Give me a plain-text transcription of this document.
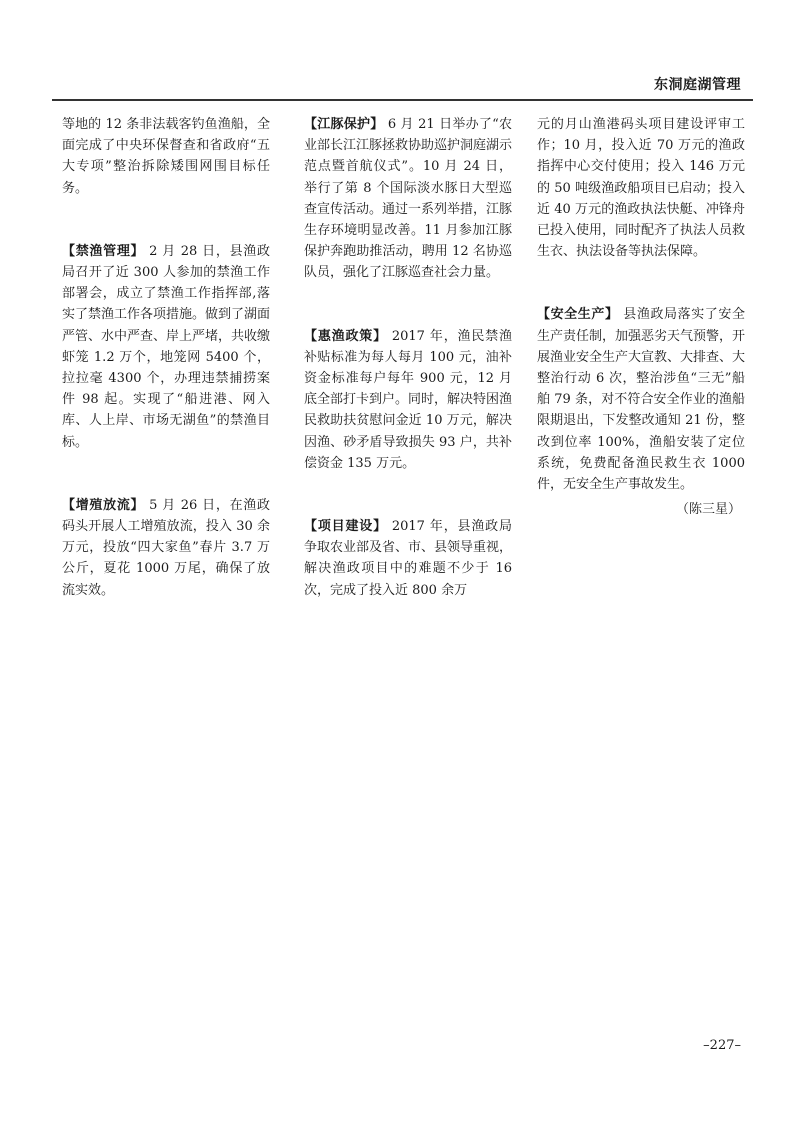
东洞庭湖管理

等地的 12 条非法载客钓鱼渔船，全面完成了中央环保督查和省政府“五大专项”整治拆除矮围网围目标任务。

【禁渔管理】 2 月 28 日，县渔政局召开了近 300 人参加的禁渔工作部署会，成立了禁渔工作指挥部,落实了禁渔工作各项措施。做到了湖面严管、水中严查、岸上严堵，共收缴虾笼 1.2 万个，地笼网 5400 个，拉拉毫 4300 个，办理违禁捕捞案件 98 起。实现了“船进港、网入库、人上岸、市场无湖鱼”的禁渔目标。

【增殖放流】 5 月 26 日，在渔政码头开展人工增殖放流，投入 30 余万元，投放“四大家鱼”春片 3.7 万公斤，夏花 1000 万尾，确保了放流实效。

【江豚保护】 6 月 21 日举办了“农业部长江江豚拯救协助巡护洞庭湖示范点暨首航仪式”。10 月 24 日，举行了第 8 个国际淡水豚日大型巡查宣传活动。通过一系列举措，江豚生存环境明显改善。11 月参加江豚保护奔跑助推活动，聘用 12 名协巡队员，强化了江豚巡查社会力量。

【惠渔政策】 2017 年，渔民禁渔补贴标准为每人每月 100 元，油补资金标准每户每年 900 元，12 月底全部打卡到户。同时，解决特困渔民救助扶贫慰问金近 10 万元，解决因渔、砂矛盾导致损失 93 户，共补偿资金 135 万元。

【项目建设】 2017 年，县渔政局争取农业部及省、市、县领导重视，解决渔政项目中的难题不少于 16 次，完成了投入近 800 余万

元的月山渔港码头项目建设评审工作；10 月，投入近 70 万元的渔政指挥中心交付使用；投入 146 万元的 50 吨级渔政船项目已启动；投入近 40 万元的渔政执法快艇、冲锋舟已投入使用，同时配齐了执法人员救生衣、执法设备等执法保障。

【安全生产】 县渔政局落实了安全生产责任制，加强恶劣天气预警，开展渔业安全生产大宣教、大排查、大整治行动 6 次，整治涉鱼“三无”船舶 79 条，对不符合安全作业的渔船限期退出，下发整改通知 21 份，整改到位率 100%，渔船安装了定位系统，免费配备渔民救生衣 1000 件，无安全生产事故发生。

（陈三星）
–227–
